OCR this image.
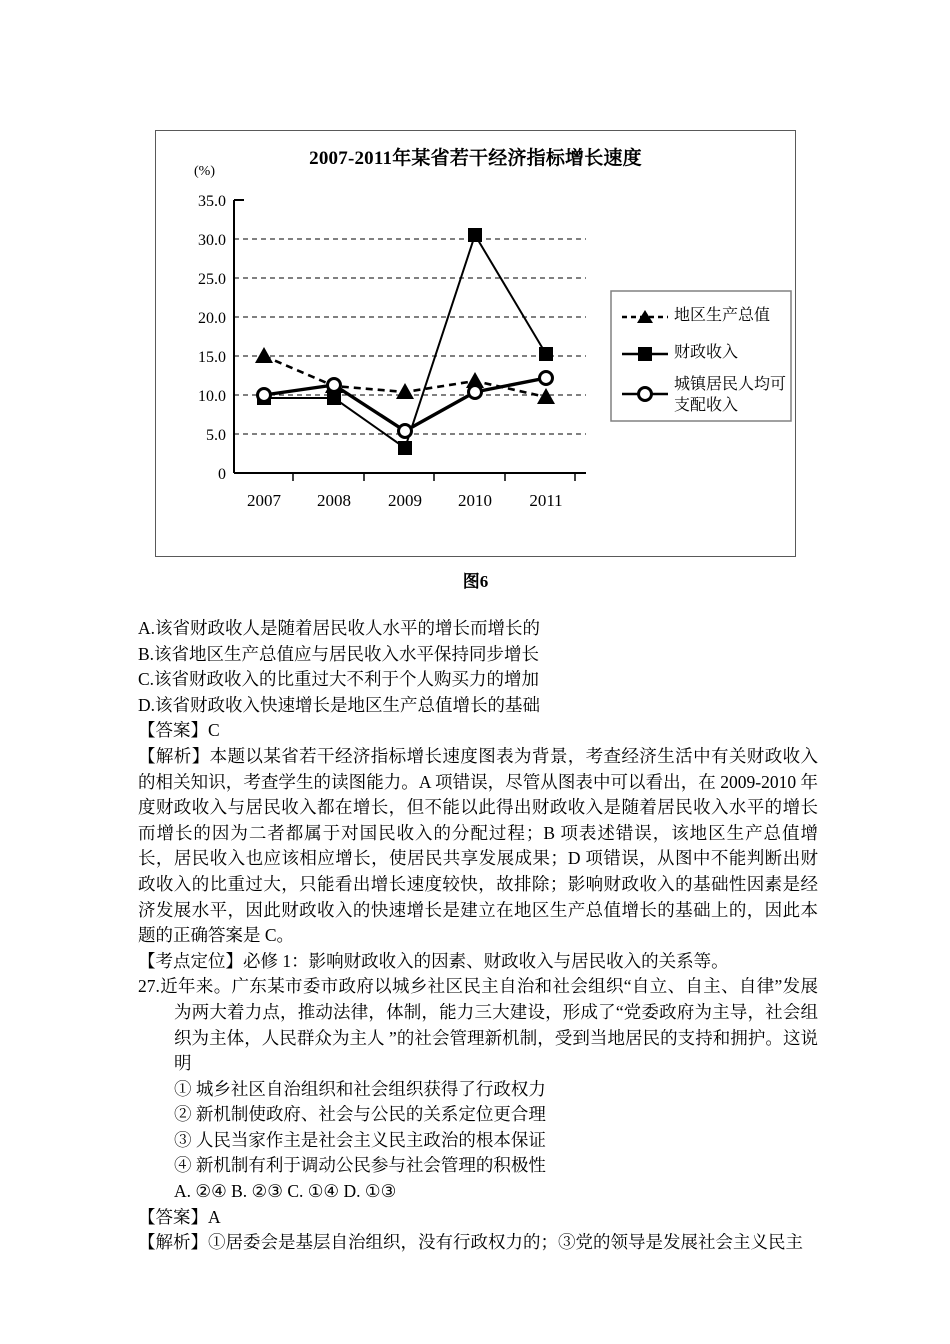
2007-2011年某省若干经济指标增长速度
(%)
35.0
30.0
25.0
20.0
15.0
10.0
5.0
0
2007 2008 2009 2010 2011
地区生产总值
财政收入
城镇居民人均可支配收入
图6
A.该省财政收人是随着居民收人水平的增长而增长的
B.该省地区生产总值应与居民收入水平保持同步增长
C.该省财政收入的比重过大不利于个人购买力的增加
D.该省财政收入快速增长是地区生产总值增长的基础
【答案】C
【解析】本题以某省若干经济指标增长速度图表为背景，考查经济生活中有关财政收入的相关知识，考查学生的读图能力。A 项错误，尽管从图表中可以看出，在 2009-2010 年度财政收入与居民收入都在增长，但不能以此得出财政收入是随着居民收入水平的增长而增长的因为二者都属于对国民收入的分配过程；B 项表述错误，该地区生产总值增长，居民收入也应该相应增长，使居民共享发展成果；D 项错误，从图中不能判断出财政收入的比重过大，只能看出增长速度较快，故排除；影响财政收入的基础性因素是经济发展水平，因此财政收入的快速增长是建立在地区生产总值增长的基础上的，因此本题的正确答案是 C。
【考点定位】必修 1：影响财政收入的因素、财政收入与居民收入的关系等。
27.近年来。广东某市委市政府以城乡社区民主自治和社会组织“自立、自主、自律”发展为两大着力点，推动法律，体制，能力三大建设，形成了“党委政府为主导，社会组织为主体，人民群众为主人 ”的社会管理新机制，受到当地居民的支持和拥护。这说明
① 城乡社区自治组织和社会组织获得了行政权力
② 新机制使政府、社会与公民的关系定位更合理
③ 人民当家作主是社会主义民主政治的根本保证
④ 新机制有利于调动公民参与社会管理的积极性
A. ②④ B. ②③ C. ①④ D. ①③
【答案】A
【解析】①居委会是基层自治组织，没有行政权力的；③党的领导是发展社会主义民主
